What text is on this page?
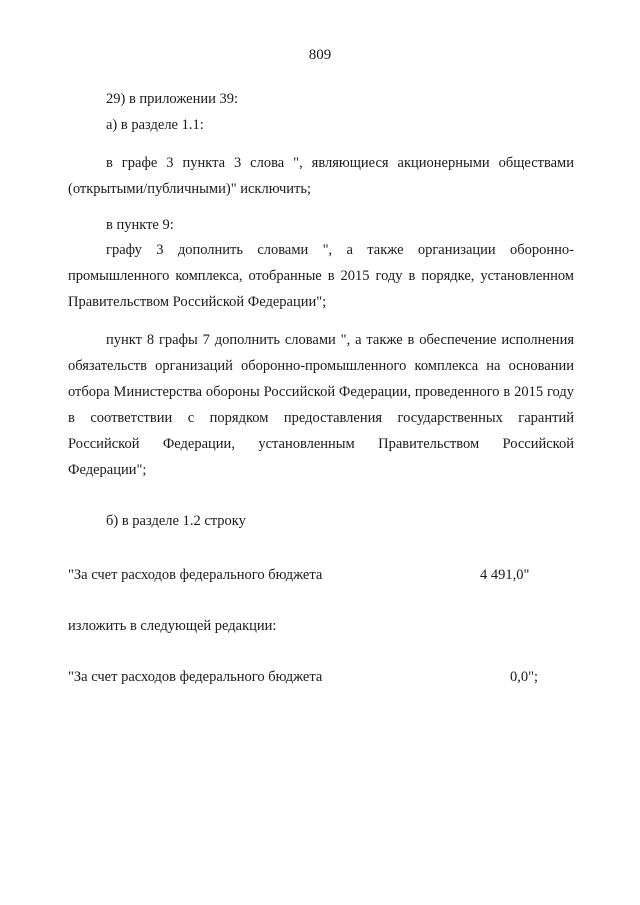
809
29) в приложении 39:
а) в разделе 1.1:
в графе 3 пункта 3 слова ", являющиеся акционерными обществами (открытыми/публичными)" исключить;
в пункте 9:
графу 3 дополнить словами ", а также организации оборонно-промышленного комплекса, отобранные в 2015 году в порядке, установленном Правительством Российской Федерации";
пункт 8 графы 7 дополнить словами ", а также в обеспечение исполнения обязательств организаций оборонно-промышленного комплекса на основании отбора Министерства обороны Российской Федерации, проведенного в 2015 году в соответствии с порядком предоставления государственных гарантий Российской Федерации, установленным Правительством Российской Федерации";
б) в разделе 1.2 строку
"За счет расходов федерального бюджета	4 491,0"
изложить в следующей редакции:
"За счет расходов федерального бюджета	0,0";
